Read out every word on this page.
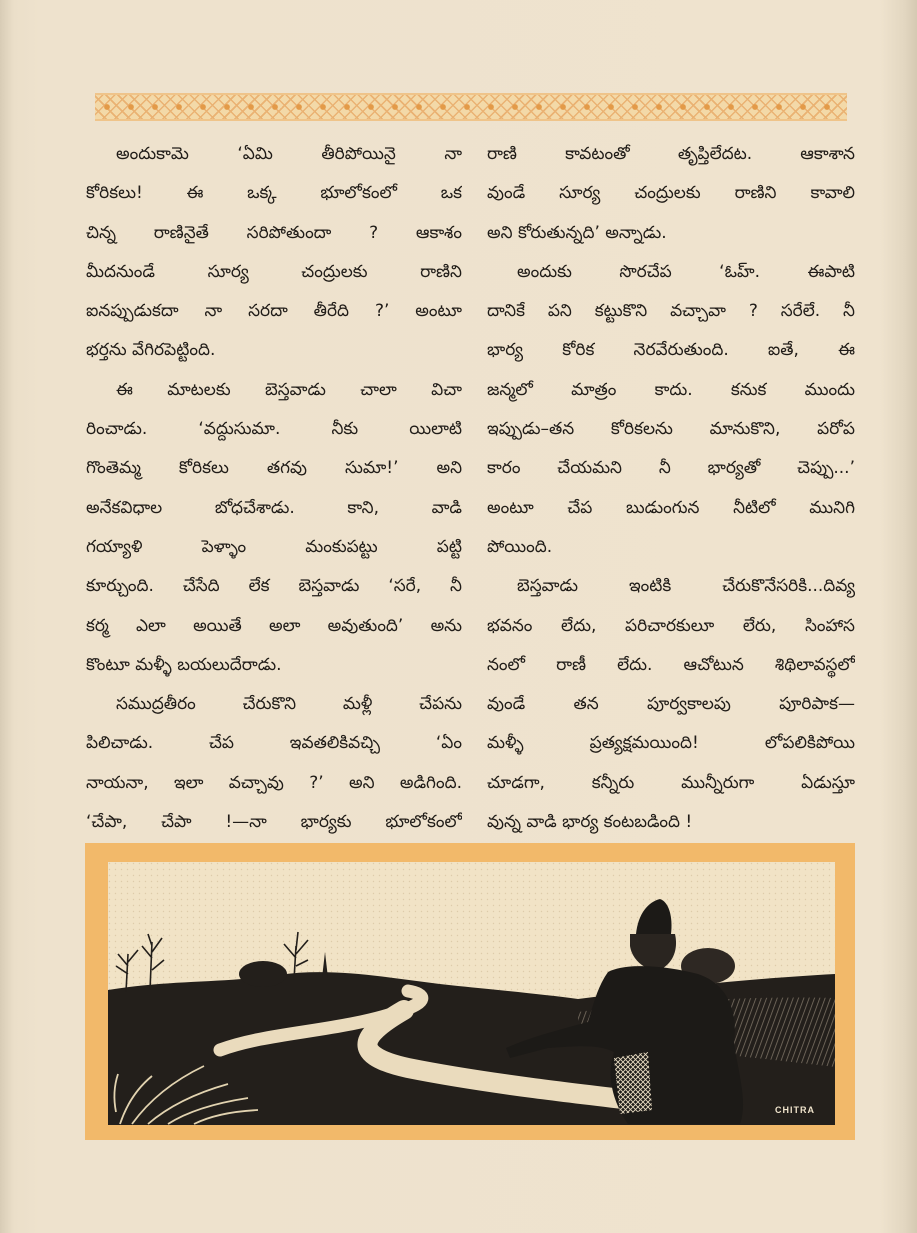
అందుకామె ‘ఏమి తీరిపోయినై నా
కోరికలు! ఈ ఒక్క భూలోకంలో ఒక
చిన్న రాణినైతే సరిపోతుందా ? ఆకాశం
మీదనుండే సూర్య చంద్రులకు రాణిని
ఐనప్పుడుకదా నా సరదా తీరేది ?’ అంటూ
భర్తను వేగిరపెట్టింది.
ఈ మాటలకు బెస్తవాడు చాలా విచా
రించాడు. ‘వద్దుసుమా. నీకు యిలాటి
గొంతెమ్మ కోరికలు తగవు సుమా!’ అని
అనేకవిధాల బోధచేశాడు. కాని, వాడి
గయ్యాళి పెళ్ళాం మంకుపట్టు పట్టి
కూర్చుంది. చేసేది లేక బెస్తవాడు ‘సరే, నీ
కర్మ ఎలా అయితే అలా అవుతుంది’ అను
కొంటూ మళ్ళీ బయలుదేరాడు.
సముద్రతీరం చేరుకొని మళ్లీ చేపను
పిలిచాడు. చేప ఇవతలికివచ్చి ‘ఏం
నాయనా, ఇలా వచ్చావు ?’ అని అడిగింది.
‘చేపా, చేపా !—నా భార్యకు భూలోకంలో
రాణి కావటంతో తృప్తిలేదట. ఆకాశాన
వుండే సూర్య చంద్రులకు రాణిని కావాలి
అని కోరుతున్నది’ అన్నాడు.
అందుకు సొరచేప ‘ఓహ్. ఈపాటి
దానికే పని కట్టుకొని వచ్చావా ? సరేలే. నీ
భార్య కోరిక నెరవేరుతుంది. ఐతే, ఈ
జన్మలో మాత్రం కాదు. కనుక ముందు
ఇప్పుడు–తన కోరికలను మానుకొని, పరోప
కారం చేయమని నీ భార్యతో చెప్పు...’
అంటూ చేప బుడుంగున నీటిలో మునిగి
పోయింది.
బెస్తవాడు ఇంటికి చేరుకొనేసరికి...దివ్య
భవనం లేదు, పరిచారకులూ లేరు, సింహాస
నంలో రాణీ లేదు. ఆచోటున శిథిలావస్థలో
వుండే తన పూర్వకాలపు పూరిపాక—
మళ్ళీ ప్రత్యక్షమయింది! లోపలికిపోయి
చూడగా, కన్నీరు మున్నీరుగా ఏడుస్తూ
వున్న వాడి భార్య కంటబడింది !
CHITRA
